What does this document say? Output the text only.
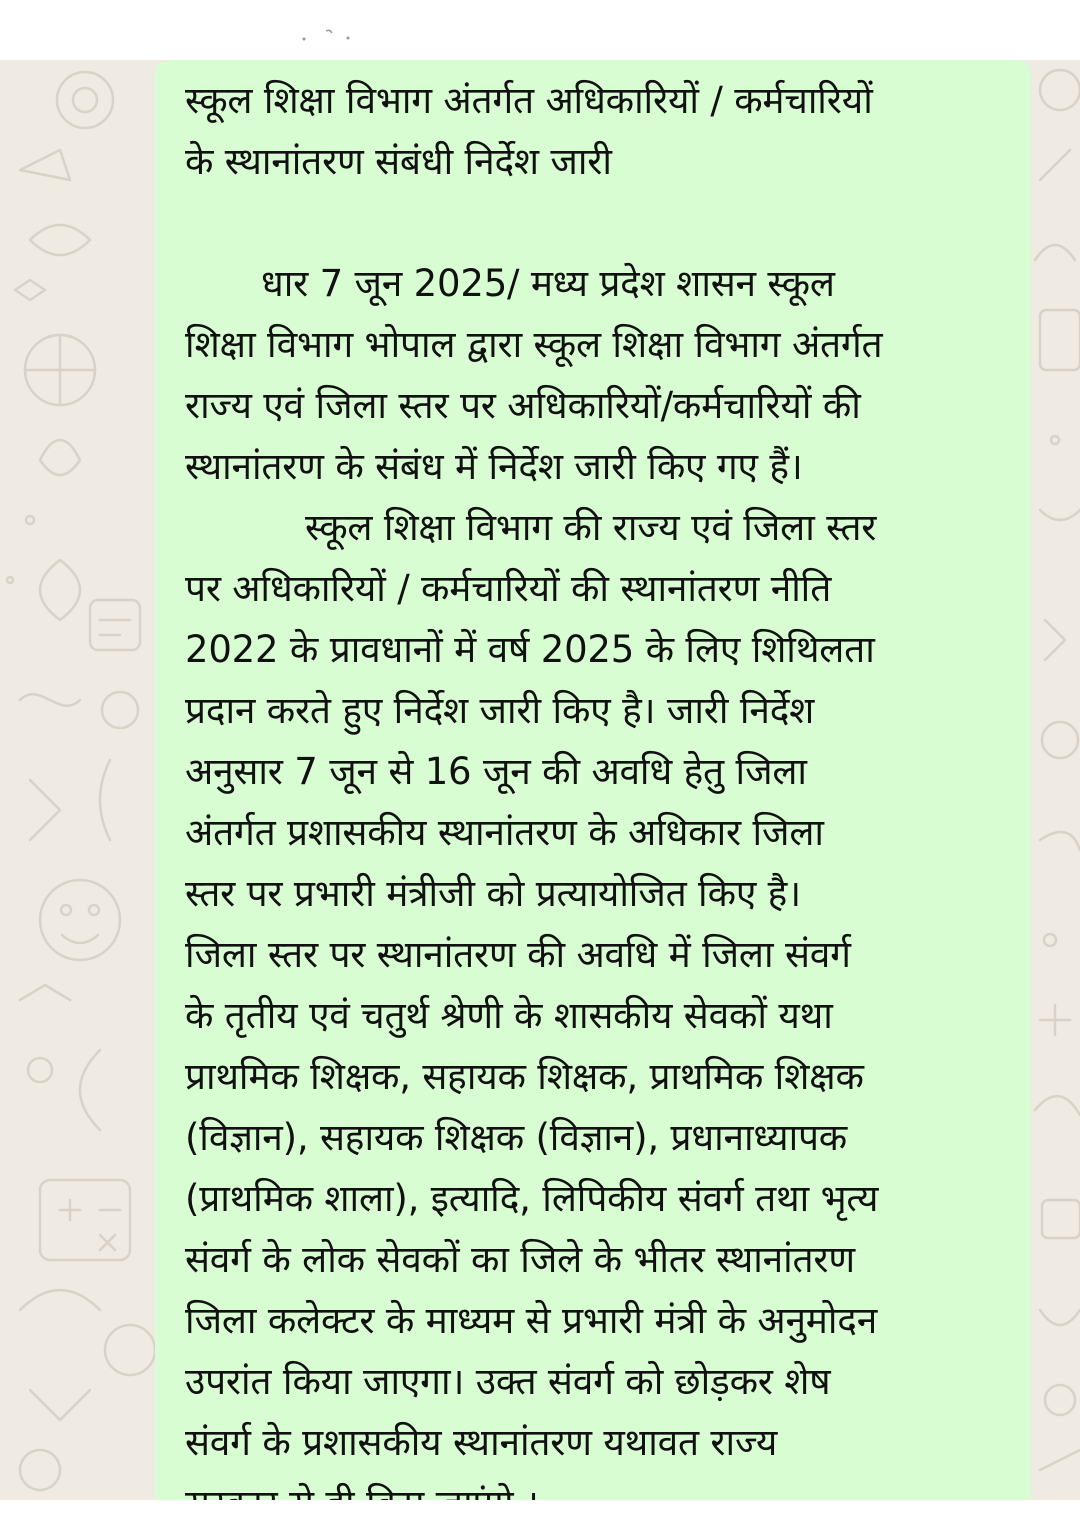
स्कूल शिक्षा विभाग अंतर्गत अधिकारियों / कर्मचारियों
के स्थानांतरण संबंधी निर्देश जारी
धार 7 जून 2025/ मध्य प्रदेश शासन स्कूल
शिक्षा विभाग भोपाल द्वारा स्कूल शिक्षा विभाग अंतर्गत
राज्य एवं जिला स्तर पर अधिकारियों/कर्मचारियों की
स्थानांतरण के संबंध में निर्देश जारी किए गए हैं।
स्कूल शिक्षा विभाग की राज्य एवं जिला स्तर
पर अधिकारियों / कर्मचारियों की स्थानांतरण नीति
2022 के प्रावधानों में वर्ष 2025 के लिए शिथिलता
प्रदान करते हुए निर्देश जारी किए है। जारी निर्देश
अनुसार 7 जून से 16 जून की अवधि हेतु जिला
अंतर्गत प्रशासकीय स्थानांतरण के अधिकार जिला
स्तर पर प्रभारी मंत्रीजी को प्रत्यायोजित किए है।
जिला स्तर पर स्थानांतरण की अवधि में जिला संवर्ग
के तृतीय एवं चतुर्थ श्रेणी के शासकीय सेवकों यथा
प्राथमिक शिक्षक, सहायक शिक्षक, प्राथमिक शिक्षक
(विज्ञान), सहायक शिक्षक (विज्ञान), प्रधानाध्यापक
(प्राथमिक शाला), इत्यादि, लिपिकीय संवर्ग तथा भृत्य
संवर्ग के लोक सेवकों का जिले के भीतर स्थानांतरण
जिला कलेक्टर के माध्यम से प्रभारी मंत्री के अनुमोदन
उपरांत किया जाएगा। उक्त संवर्ग को छोड़कर शेष
संवर्ग के प्रशासकीय स्थानांतरण यथावत राज्य
